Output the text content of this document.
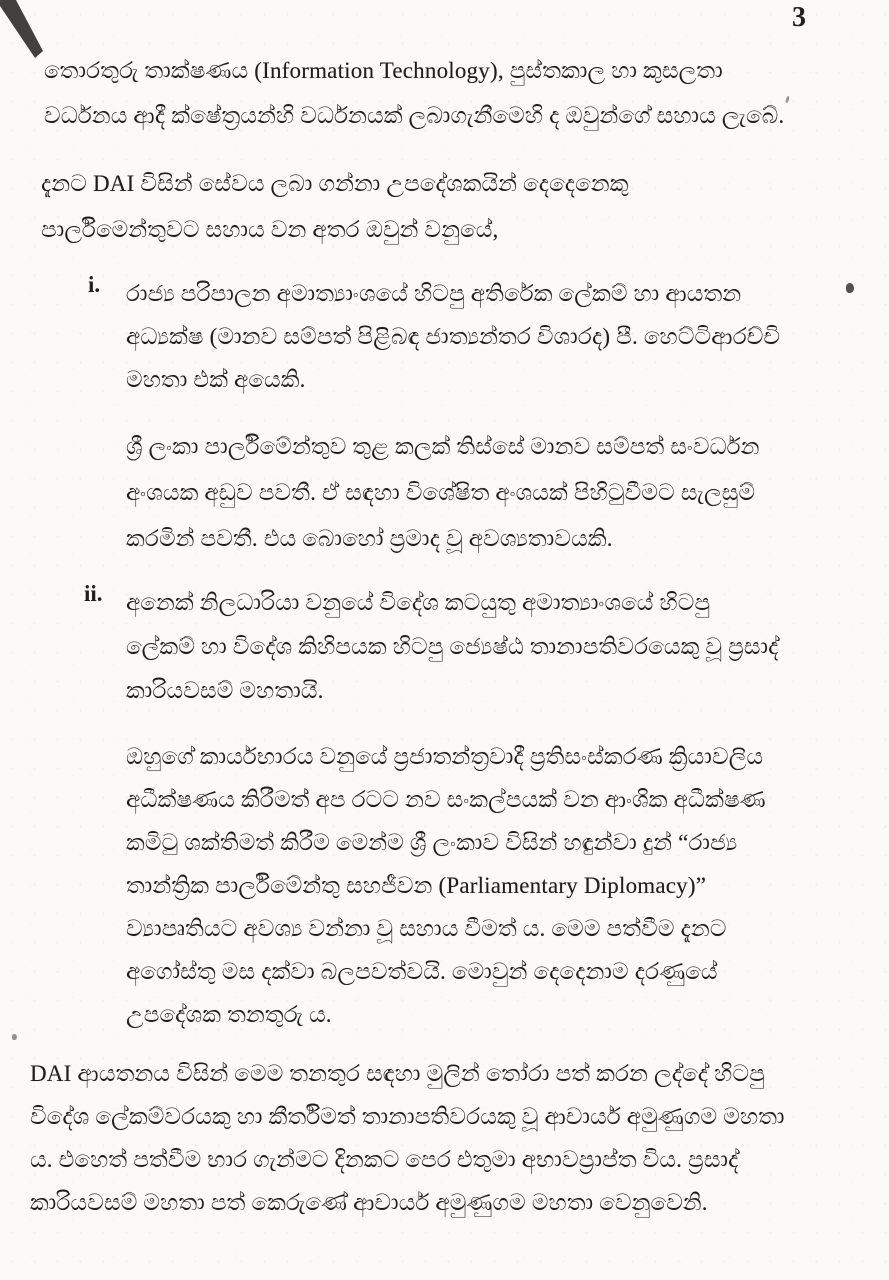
3
තොරතුරු තාක්ෂණය (Information Technology), පුස්තකාල හා කුසලතා
වර්ධනය ආදී ක්ෂේත්‍රයන්හි වර්ධනයක් ලබාගැනීමෙහි ද ඔවුන්ගේ සහාය ලැබේ.
දැනට DAI විසින් සේවය ලබා ගන්නා උපදේශකයින් දෙදෙනෙකු
පාර්ලිමෙන්තුවට සහාය වන අතර ඔවුන් වනුයේ,
i. රාජ්‍ය පරිපාලන අමාත්‍යාංශයේ හිටපු අතිරේක ලේකම් හා ආයතන
අධ්‍යක්ෂ (මානව සම්පත් පිළිබඳ ජාත්‍යන්තර විශාරද) පී. හෙට්ටිආරච්චි
මහතා එක් අයෙකි.
ශ්‍රී ලංකා පාර්ලිමේන්තුව තුළ කලක් තිස්සේ මානව සම්පත් සංවර්ධන
අංශයක අඩුව පවතී. ඒ සඳහා විශේෂිත අංශයක් පිහිටුවීමට සැලසුම්
කරමින් පවතී. එය බොහෝ ප්‍රමාද වූ අවශ්‍යතාවයකි.
ii. අනෙක් නිලධාරියා වනුයේ විදේශ කටයුතු අමාත්‍යාංශයේ හිටපු
ලේකම් හා විදේශ කිහිපයක හිටපු ජ්‍යෙෂ්ඨ තානාපතිවරයෙකු වූ ප්‍රසාද්
කාරියවසම් මහතායි.
ඔහුගේ කාර්යභාරය වනුයේ ප්‍රජාතන්ත්‍රවාදී ප්‍රතිසංස්කරණ ක්‍රියාවලිය
අධීක්ෂණය කිරීමත් අප රටට නව සංකල්පයක් වන ආංශික අධීක්ෂණ
කමිටු ශක්තිමත් කිරීම මෙන්ම ශ්‍රී ලංකාව විසින් හඳුන්වා දුන් “රාජ්‍ය
තාන්ත්‍රික පාර්ලිමේන්තු සහජීවන (Parliamentary Diplomacy)”
ව්‍යාපෘතියට අවශ්‍ය වන්නා වූ සහාය වීමත් ය. මෙම පත්වීම දැනට
අගෝස්තු මස දක්වා බලපවත්වයි. මොවුන් දෙදෙනාම දරණුයේ
උපදේශක තනතුරු ය.
DAI ආයතනය විසින් මෙම තනතුර සඳහා මුලින් තෝරා පත් කරන ලද්දේ හිටපු
විදේශ ලේකම්වරයකු හා කීර්තිමත් තානාපතිවරයකු වූ ආචාර්ය අමුණුගම මහතා
ය. එහෙත් පත්වීම භාර ගැන්මට දිනකට පෙර එතුමා අභාවප්‍රාප්ත විය. ප්‍රසාද්
කාරියවසම් මහතා පත් කෙරුණේ ආචාර්ය අමුණුගම මහතා වෙනුවෙනි.
